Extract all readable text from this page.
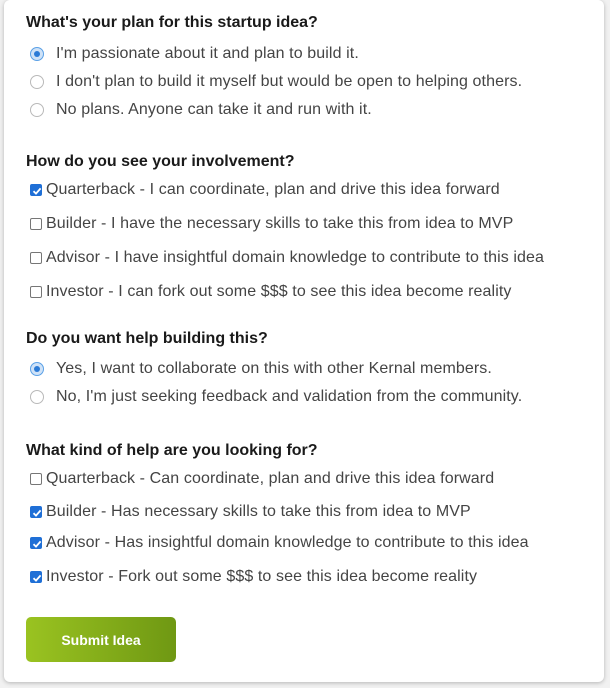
What's your plan for this startup idea?
I'm passionate about it and plan to build it.
I don't plan to build it myself but would be open to helping others.
No plans. Anyone can take it and run with it.
How do you see your involvement?
Quarterback - I can coordinate, plan and drive this idea forward
Builder - I have the necessary skills to take this from idea to MVP
Advisor - I have insightful domain knowledge to contribute to this idea
Investor - I can fork out some $$$ to see this idea become reality
Do you want help building this?
Yes, I want to collaborate on this with other Kernal members.
No, I'm just seeking feedback and validation from the community.
What kind of help are you looking for?
Quarterback - Can coordinate, plan and drive this idea forward
Builder - Has necessary skills to take this from idea to MVP
Advisor - Has insightful domain knowledge to contribute to this idea
Investor - Fork out some $$$ to see this idea become reality
Submit Idea
